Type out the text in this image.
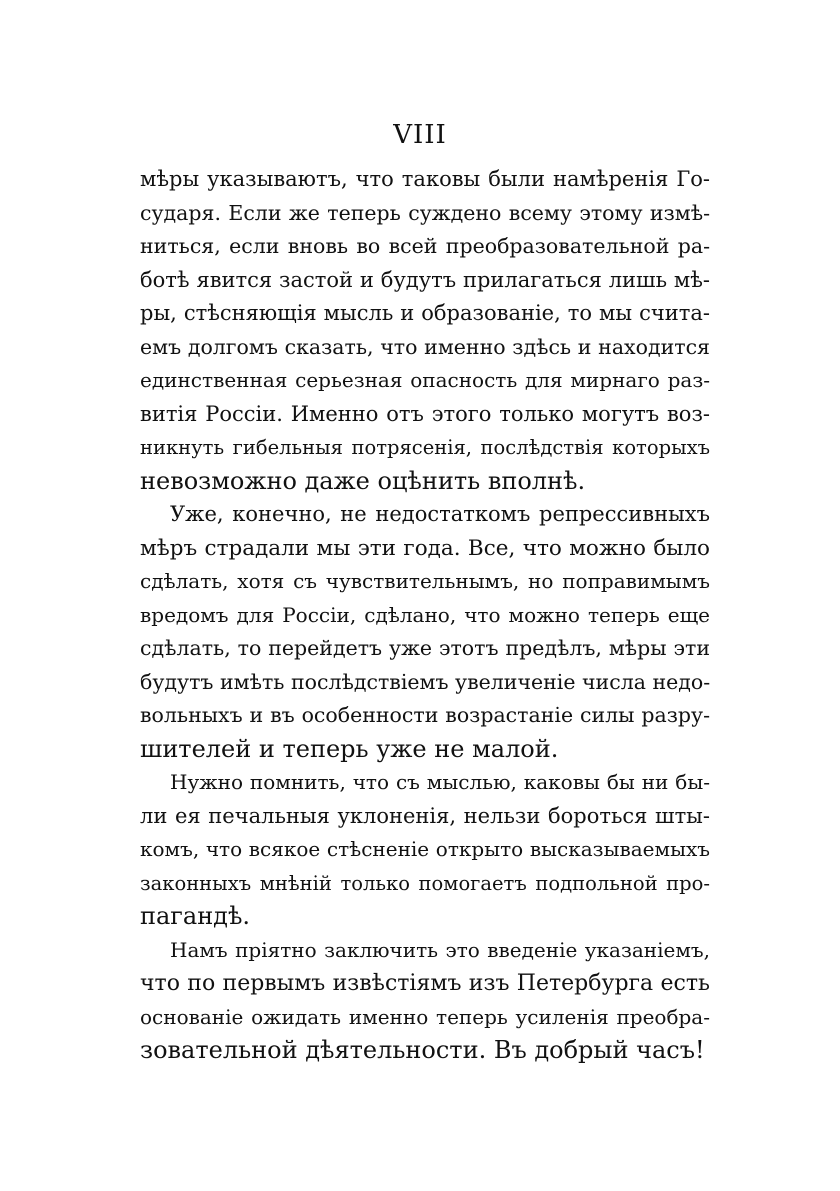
VIII
мѣры указываютъ, что таковы были намѣренія Го-
сударя. Если же теперь суждено всему этому измѣ-
ниться, если вновь во всей преобразовательной ра-
ботѣ явится застой и будутъ прилагаться лишь мѣ-
ры, стѣсняющія мысль и образованіе, то мы счита-
емъ долгомъ сказать, что именно здѣсь и находится
единственная серьезная опасность для мирнаго раз-
витія Россіи. Именно отъ этого только могутъ воз-
никнуть гибельныя потрясенія, послѣдствія которыхъ
невозможно даже оцѣнить вполнѣ.
Уже, конечно, не недостаткомъ репрессивныхъ
мѣръ страдали мы эти года. Все, что можно было
сдѣлать, хотя съ чувствительнымъ, но поправимымъ
вредомъ для Россіи, сдѣлано, что можно теперь еще
сдѣлать, то перейдетъ уже этотъ предѣлъ, мѣры эти
будутъ имѣть послѣдствіемъ увеличеніе числа недо-
вольныхъ и въ особенности возрастаніе силы разру-
шителей и теперь уже не малой.
Нужно помнить, что съ мыслью, каковы бы ни бы-
ли ея печальныя уклоненія, нельзи бороться шты-
комъ, что всякое стѣсненіе открыто высказываемыхъ
законныхъ мнѣній только помогаетъ подпольной про-
пагандѣ.
Намъ пріятно заключить это введеніе указаніемъ,
что по первымъ извѣстіямъ изъ Петербурга есть
основаніе ожидать именно теперь усиленія преобра-
зовательной дѣятельности. Въ добрый часъ!
